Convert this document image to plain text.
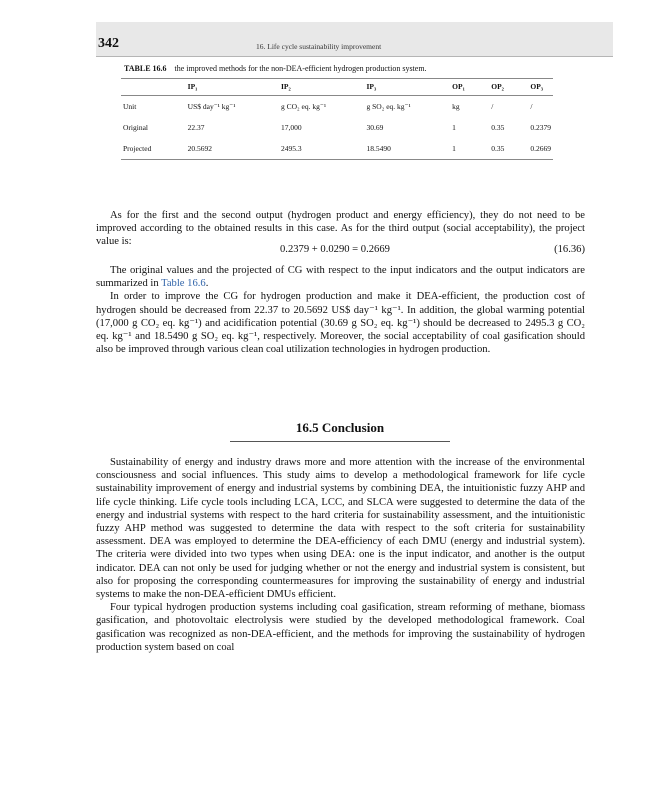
342	16. Life cycle sustainability improvement
TABLE 16.6 the improved methods for the non-DEA-efficient hydrogen production system.
	IP₁	IP₂	IP₃	OP₁	OP₂	OP₃
Unit	US$ day⁻¹ kg⁻¹	g CO₂ eq. kg⁻¹	g SO₂ eq. kg⁻¹	kg	/	/
Original	22.37	17,000	30.69	1	0.35	0.2379
Projected	20.5692	2495.3	18.5490	1	0.35	0.2669

As for the first and the second output (hydrogen product and energy efficiency), they do not need to be improved according to the obtained results in this case. As for the third output (social acceptability), the project value is:

0.2379 + 0.0290 = 0.2669	(16.36)

The original values and the projected of CG with respect to the input indicators and the output indicators are summarized in Table 16.6.

In order to improve the CG for hydrogen production and make it DEA-efficient, the production cost of hydrogen should be decreased from 22.37 to 20.5692 US$ day⁻¹ kg⁻¹. In addition, the global warming potential (17,000 g CO₂ eq. kg⁻¹) and acidification potential (30.69 g SO₂ eq. kg⁻¹) should be decreased to 2495.3 g CO₂ eq. kg⁻¹ and 18.5490 g SO₂ eq. kg⁻¹, respectively. Moreover, the social acceptability of coal gasification should also be improved through various clean coal utilization technologies in hydrogen production.

16.5 Conclusion

Sustainability of energy and industry draws more and more attention with the increase of the environmental consciousness and social influences. This study aims to develop a methodological framework for life cycle sustainability improvement of energy and industrial systems by combining DEA, the intuitionistic fuzzy AHP and life cycle thinking. Life cycle tools including LCA, LCC, and SLCA were suggested to determine the data of the energy and industrial systems with respect to the hard criteria for sustainability assessment, and the intuitionistic fuzzy AHP method was suggested to determine the data with respect to the soft criteria for sustainability assessment. DEA was employed to determine the DEA-efficiency of each DMU (energy and industrial system). The criteria were divided into two types when using DEA: one is the input indicator, and another is the output indicator. DEA can not only be used for judging whether or not the energy and industrial system is consistent, but also for proposing the corresponding countermeasures for improving the sustainability of energy and industrial systems to make the non-DEA-efficient DMUs efficient.

Four typical hydrogen production systems including coal gasification, stream reforming of methane, biomass gasification, and photovoltaic electrolysis were studied by the developed methodological framework. Coal gasification was recognized as non-DEA-efficient, and the methods for improving the sustainability of hydrogen production system based on coal
